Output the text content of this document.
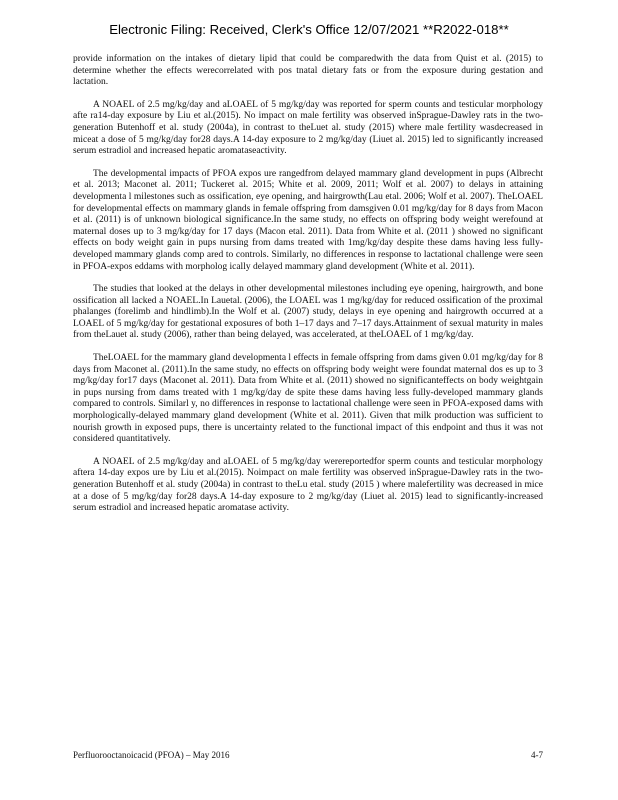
Electronic Filing: Received, Clerk's Office 12/07/2021 **R2022-018**

provide information on the intakes of dietary lipid that could be comparedwith the data from Quist et al. (2015) to determine whether the effects werecorrelated with pos tnatal dietary fats or from the exposure during gestation and lactation.

A NOAEL of 2.5 mg/kg/day and aLOAEL of 5 mg/kg/day was reported for sperm counts and testicular morphology afte ra14-day exposure by Liu et al.(2015). No impact on male fertility was observed inSprague-Dawley rats in the two-generation Butenhoff et al. study (2004a), in contrast to theLuet al. study (2015) where male fertility wasdecreased in miceat a dose of 5 mg/kg/day for28 days.A 14-day exposure to 2 mg/kg/day (Liuet al. 2015) led to significantly increased serum estradiol and increased hepatic aromataseactivity.

The developmental impacts of PFOA expos ure rangedfrom delayed mammary gland development in pups (Albrecht et al. 2013; Maconet al. 2011; Tuckeret al. 2015; White et al. 2009, 2011; Wolf et al. 2007) to delays in attaining developmenta l milestones such as ossification, eye opening, and hairgrowth(Lau etal. 2006; Wolf et al. 2007). TheLOAEL for developmental effects on mammary glands in female offspring from damsgiven 0.01 mg/kg/day for 8 days from Macon et al. (2011) is of unknown biological significance.In the same study, no effects on offspring body weight werefound at maternal doses up to 3 mg/kg/day for 17 days (Macon etal. 2011). Data from White et al. (2011 ) showed no significant effects on body weight gain in pups nursing from dams treated with 1mg/kg/day despite these dams having less fully-developed mammary glands comp ared to controls. Similarly, no differences in response to lactational challenge were seen in PFOA-expos eddams with morpholog ically delayed mammary gland development (White et al. 2011).

The studies that looked at the delays in other developmental milestones including eye opening, hairgrowth, and bone ossification all lacked a NOAEL.In Lauetal. (2006), the LOAEL was 1 mg/kg/day for reduced ossification of the proximal phalanges (forelimb and hindlimb).In the Wolf et al. (2007) study, delays in eye opening and hairgrowth occurred at a LOAEL of 5 mg/kg/day for gestational exposures of both 1–17 days and 7–17 days.Attainment of sexual maturity in males from theLauet al. study (2006), rather than being delayed, was accelerated, at theLOAEL of 1 mg/kg/day.

TheLOAEL for the mammary gland developmenta l effects in female offspring from dams given 0.01 mg/kg/day for 8 days from Maconet al. (2011).In the same study, no effects on offspring body weight were foundat maternal dos es up to 3 mg/kg/day for17 days (Maconet al. 2011). Data from White et al. (2011) showed no significanteffects on body weightgain in pups nursing from dams treated with 1 mg/kg/day de spite these dams having less fully-developed mammary glands compared to controls. Similarl y, no differences in response to lactational challenge were seen in PFOA-exposed dams with morphologically-delayed mammary gland development (White et al. 2011). Given that milk production was sufficient to nourish growth in exposed pups, there is uncertainty related to the functional impact of this endpoint and thus it was not considered quantitatively.

A NOAEL of 2.5 mg/kg/day and aLOAEL of 5 mg/kg/day werereportedfor sperm counts and testicular morphology aftera 14-day expos ure by Liu et al.(2015). Noimpact on male fertility was observed inSprague-Dawley rats in the two-generation Butenhoff et al. study (2004a) in contrast to theLu etal. study (2015 ) where malefertility was decreased in mice at a dose of 5 mg/kg/day for28 days.A 14-day exposure to 2 mg/kg/day (Liuet al. 2015) lead to significantly-increased serum estradiol and increased hepatic aromatase activity.

Perfluorooctanoicacid (PFOA) – May 2016	4-7
